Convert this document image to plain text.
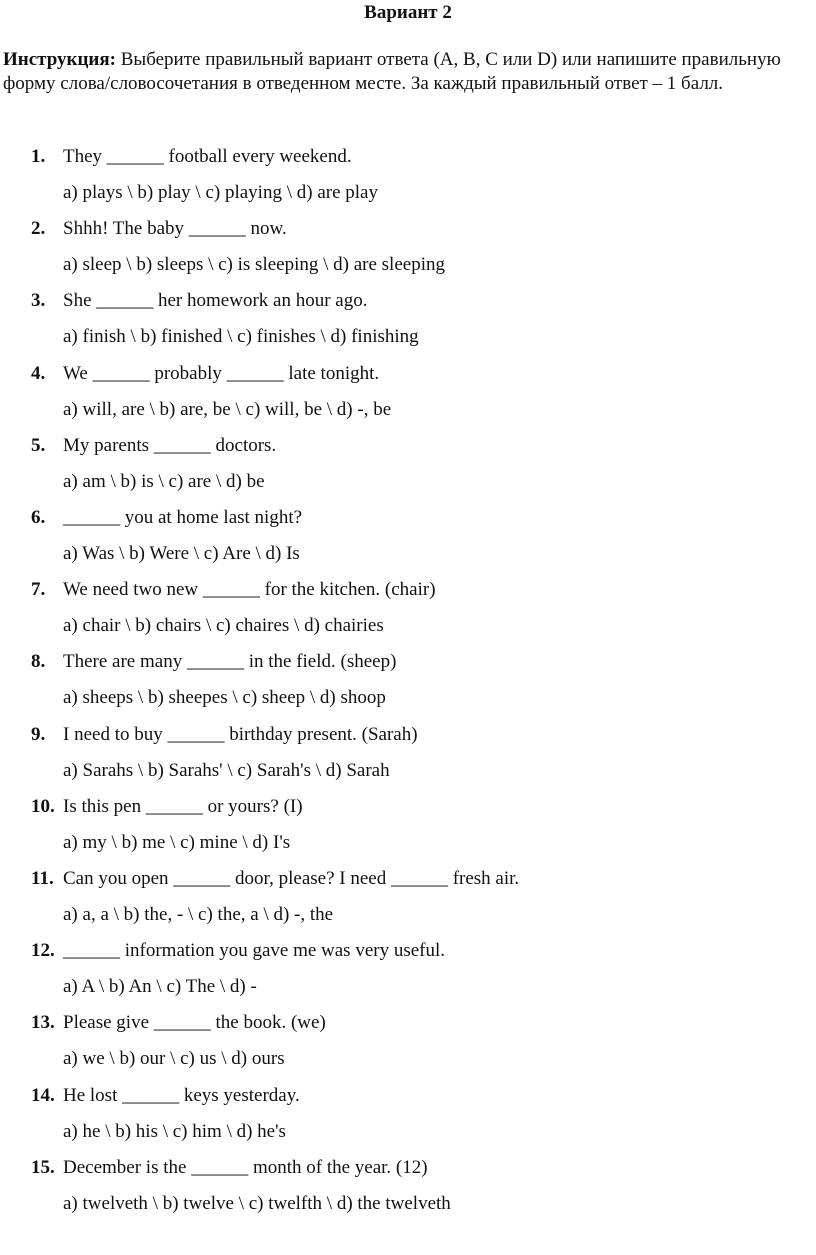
Вариант 2
Инструкция: Выберите правильный вариант ответа (A, B, C или D) или напишите правильную форму слова/словосочетания в отведенном месте. За каждый правильный ответ – 1 балл.
1. They ______ football every weekend.
a) plays \ b) play \ c) playing \ d) are play
2. Shhh! The baby ______ now.
a) sleep \ b) sleeps \ c) is sleeping \ d) are sleeping
3. She ______ her homework an hour ago.
a) finish \ b) finished \ c) finishes \ d) finishing
4. We ______ probably ______ late tonight.
a) will, are \ b) are, be \ c) will, be \ d) -, be
5. My parents ______ doctors.
a) am \ b) is \ c) are \ d) be
6. ______ you at home last night?
a) Was \ b) Were \ c) Are \ d) Is
7. We need two new ______ for the kitchen. (chair)
a) chair \ b) chairs \ c) chaires \ d) chairies
8. There are many ______ in the field. (sheep)
a) sheeps \ b) sheepes \ c) sheep \ d) shoop
9. I need to buy ______ birthday present. (Sarah)
a) Sarahs \ b) Sarahs' \ c) Sarah's \ d) Sarah
10. Is this pen ______ or yours? (I)
a) my \ b) me \ c) mine \ d) I's
11. Can you open ______ door, please? I need ______ fresh air.
a) a, a \ b) the, - \ c) the, a \ d) -, the
12. ______ information you gave me was very useful.
a) A \ b) An \ c) The \ d) -
13. Please give ______ the book. (we)
a) we \ b) our \ c) us \ d) ours
14. He lost ______ keys yesterday.
a) he \ b) his \ c) him \ d) he's
15. December is the ______ month of the year. (12)
a) twelveth \ b) twelve \ c) twelfth \ d) the twelveth
